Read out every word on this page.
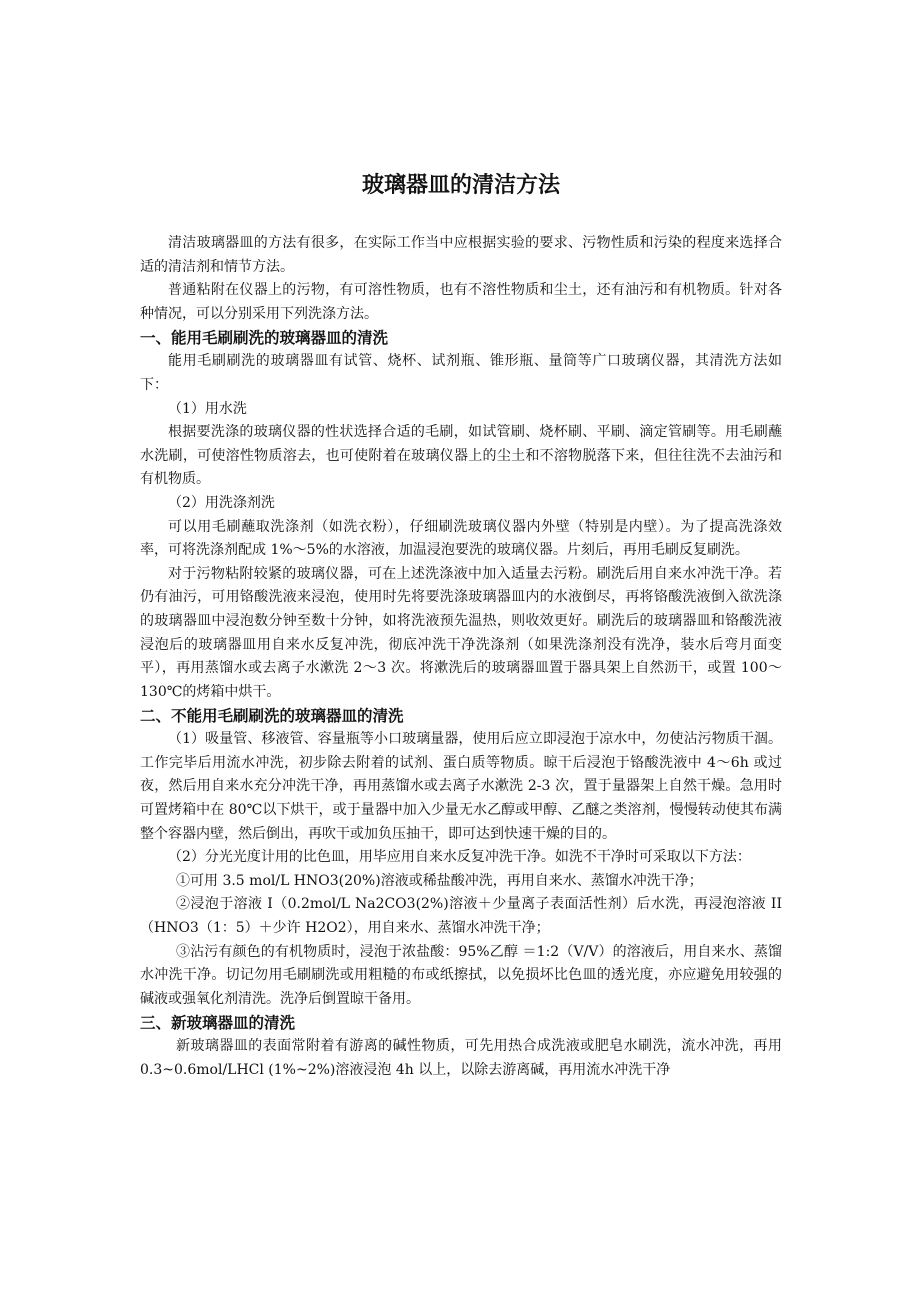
玻璃器皿的清洁方法

清洁玻璃器皿的方法有很多，在实际工作当中应根据实验的要求、污物性质和污染的程度来选择合适的清洁剂和情节方法。

普通粘附在仪器上的污物，有可溶性物质，也有不溶性物质和尘土，还有油污和有机物质。针对各种情况，可以分别采用下列洗涤方法。

一、能用毛刷刷洗的玻璃器皿的清洗

能用毛刷刷洗的玻璃器皿有试管、烧杯、试剂瓶、锥形瓶、量筒等广口玻璃仪器，其清洗方法如下：

（1）用水洗

根据要洗涤的玻璃仪器的性状选择合适的毛刷，如试管刷、烧杯刷、平刷、滴定管刷等。用毛刷蘸水洗刷，可使溶性物质溶去，也可使附着在玻璃仪器上的尘土和不溶物脱落下来，但往往洗不去油污和有机物质。

（2）用洗涤剂洗

可以用毛刷蘸取洗涤剂（如洗衣粉），仔细刷洗玻璃仪器内外壁（特别是内壁）。为了提高洗涤效率，可将洗涤剂配成 1%～5%的水溶液，加温浸泡要洗的玻璃仪器。片刻后，再用毛刷反复刷洗。

对于污物粘附较紧的玻璃仪器，可在上述洗涤液中加入适量去污粉。刷洗后用自来水冲洗干净。若仍有油污，可用铬酸洗液来浸泡，使用时先将要洗涤玻璃器皿内的水液倒尽，再将铬酸洗液倒入欲洗涤的玻璃器皿中浸泡数分钟至数十分钟，如将洗液预先温热，则收效更好。刷洗后的玻璃器皿和铬酸洗液浸泡后的玻璃器皿用自来水反复冲洗，彻底冲洗干净洗涤剂（如果洗涤剂没有洗净，装水后弯月面变平），再用蒸馏水或去离子水漱洗 2～3 次。将漱洗后的玻璃器皿置于器具架上自然沥干，或置 100～130℃的烤箱中烘干。

二、不能用毛刷刷洗的玻璃器皿的清洗

（1）吸量管、移液管、容量瓶等小口玻璃量器，使用后应立即浸泡于凉水中，勿使沾污物质干涸。工作完毕后用流水冲洗，初步除去附着的试剂、蛋白质等物质。晾干后浸泡于铬酸洗液中 4～6h 或过夜，然后用自来水充分冲洗干净，再用蒸馏水或去离子水漱洗 2-3 次，置于量器架上自然干燥。急用时可置烤箱中在 80℃以下烘干，或于量器中加入少量无水乙醇或甲醇、乙醚之类溶剂，慢慢转动使其布满整个容器内壁，然后倒出，再吹干或加负压抽干，即可达到快速干燥的目的。

（2）分光光度计用的比色皿，用毕应用自来水反复冲洗干净。如洗不干净时可采取以下方法：

①可用 3.5 mol/L HNO3(20%)溶液或稀盐酸冲洗，再用自来水、蒸馏水冲洗干净；

②浸泡于溶液 I（0.2mol/L Na2CO3(2%)溶液＋少量离子表面活性剂）后水洗，再浸泡溶液 II（HNO3（1：5）＋少许 H2O2），用自来水、蒸馏水冲洗干净；

③沾污有颜色的有机物质时，浸泡于浓盐酸：95%乙醇 ＝1:2（V/V）的溶液后，用自来水、蒸馏水冲洗干净。切记勿用毛刷刷洗或用粗糙的布或纸擦拭，以免损坏比色皿的透光度，亦应避免用较强的碱液或强氧化剂清洗。洗净后倒置晾干备用。

三、新玻璃器皿的清洗

新玻璃器皿的表面常附着有游离的碱性物质，可先用热合成洗液或肥皂水刷洗，流水冲洗，再用 0.3~0.6mol/LHCl (1%~2%)溶液浸泡 4h 以上，以除去游离碱，再用流水冲洗干净
